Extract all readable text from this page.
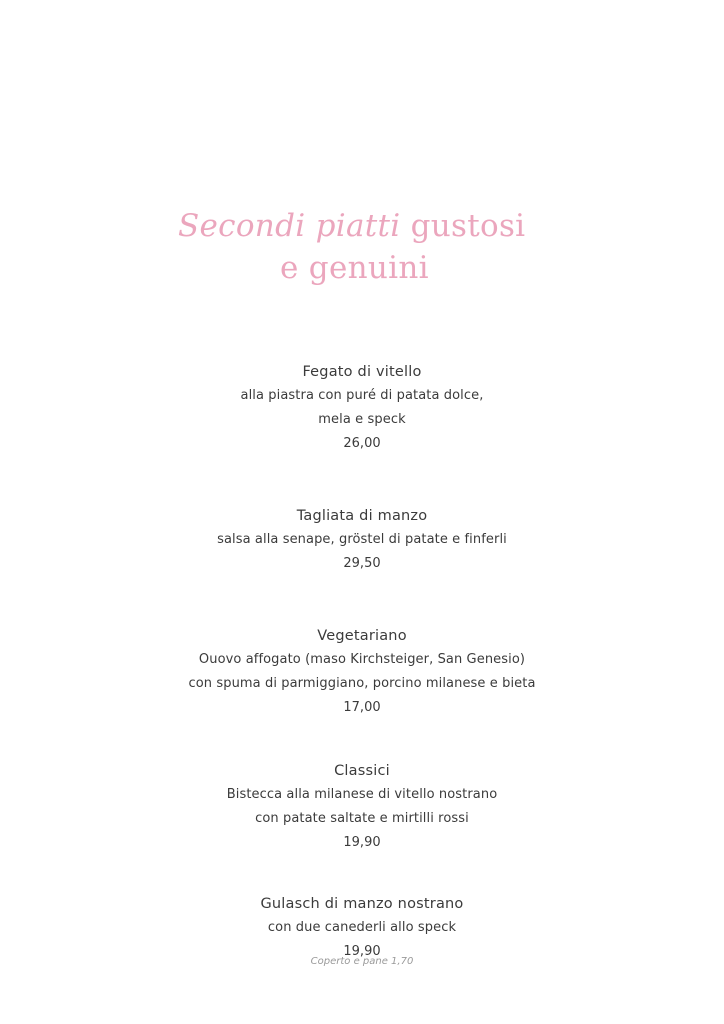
Secondi piatti gustosi
e genuini
Fegato di vitello
alla piastra con puré di patata dolce,
mela e speck
26,00
Tagliata di manzo
salsa alla senape, gröstel di patate e finferli
29,50
Vegetariano
Ouovo affogato (maso Kirchsteiger, San Genesio)
con spuma di parmiggiano, porcino milanese e bieta
17,00
Classici
Bistecca alla milanese di vitello nostrano
con patate saltate e mirtilli rossi
19,90
Gulasch di manzo nostrano
con due canederli allo speck
19,90
Coperto e pane 1,70
